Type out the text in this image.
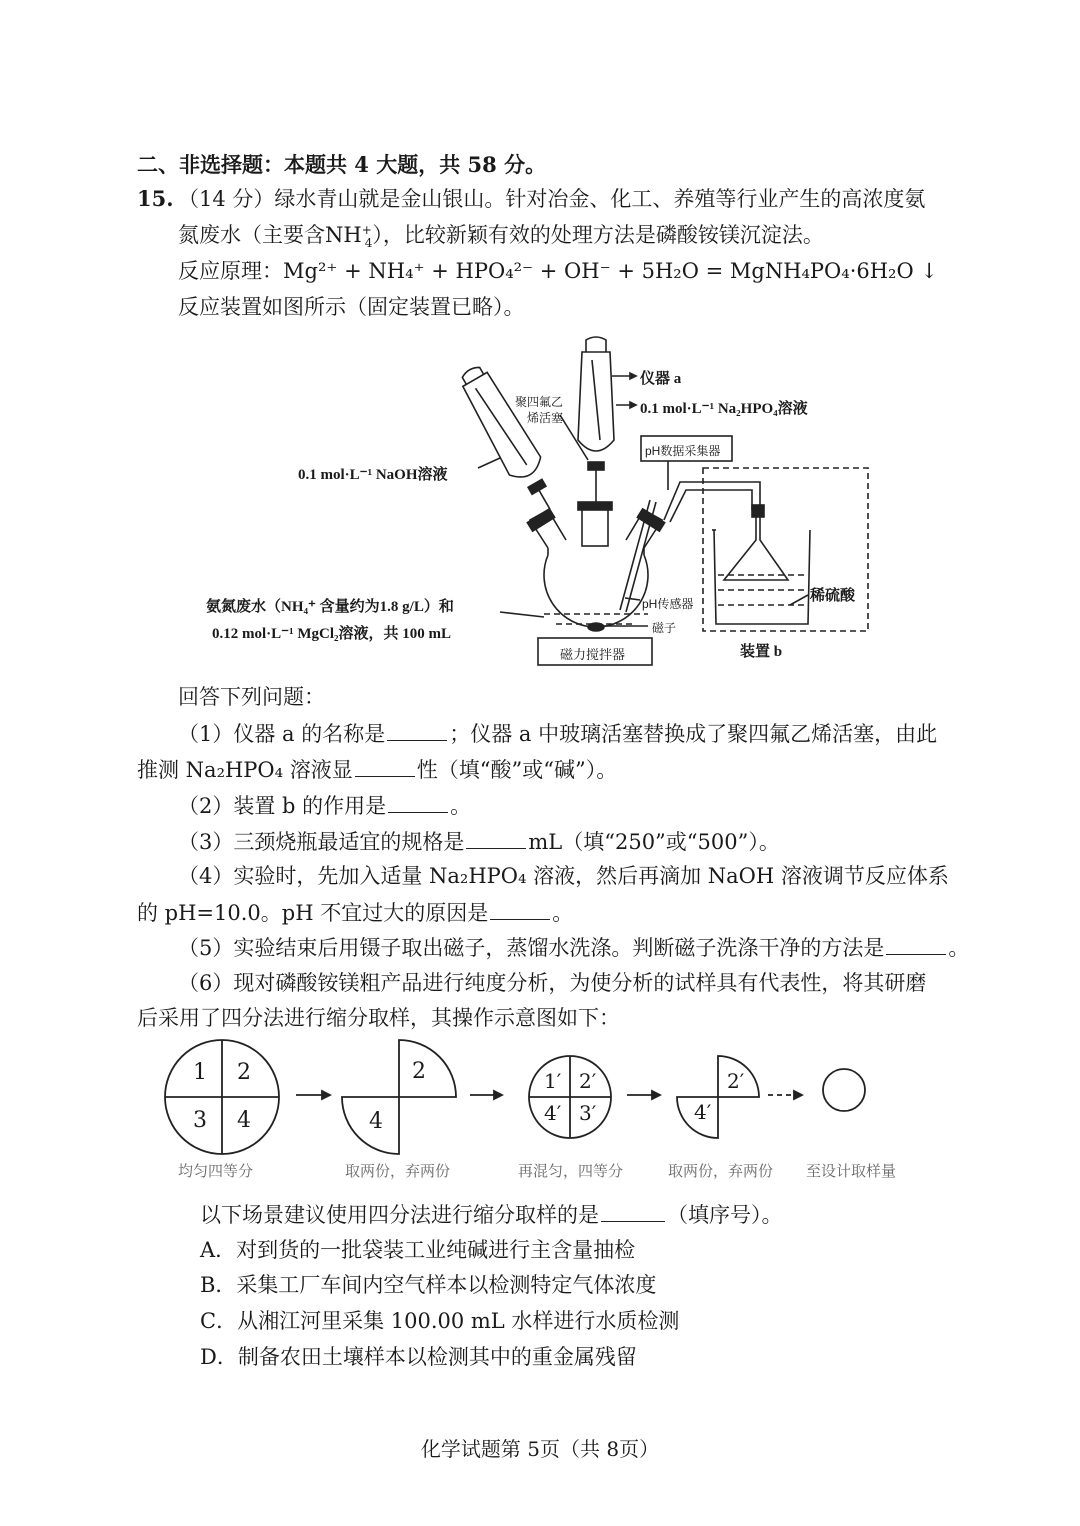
二、非选择题：本题共 4 大题，共 58 分。
15. （14 分）绿水青山就是金山银山。针对冶金、化工、养殖等行业产生的高浓度氨
氮废水（主要含$NH^+_4$），比较新颖有效的处理方法是磷酸铵镁沉淀法。
反应原理：Mg²⁺ + NH₄⁺ + HPO₄²⁻ + OH⁻ + 5H₂O = MgNH₄PO₄·6H₂O ↓
反应装置如图所示（固定装置已略）。
仪器 a
0.1 mol·L⁻¹ Na₂HPO₄溶液
聚四氟乙
烯活塞
0.1 mol·L⁻¹ NaOH溶液
pH数据采集器
氨氮废水（NH₄⁺ 含量约为1.8 g/L）和
0.12 mol·L⁻¹ MgCl₂溶液，共 100 mL
pH传感器
磁子
磁力搅拌器
稀硫酸
装置 b
回答下列问题：
（1）仪器 a 的名称是	；仪器 a 中玻璃活塞替换成了聚四氟乙烯活塞，由此
推测 Na₂HPO₄ 溶液显	性（填“酸”或“碱”）。
（2）装置 b 的作用是	。
（3）三颈烧瓶最适宜的规格是	mL（填“250”或“500”）。
（4）实验时，先加入适量 Na₂HPO₄ 溶液，然后再滴加 NaOH 溶液调节反应体系
的 pH=10.0。pH 不宜过大的原因是	。
（5）实验结束后用镊子取出磁子，蒸馏水洗涤。判断磁子洗涤干净的方法是	。
（6）现对磷酸铵镁粗产品进行纯度分析，为使分析的试样具有代表性，将其研磨
后采用了四分法进行缩分取样，其操作示意图如下：
1 2
3 4
2
4
1′ 2′
4′ 3′
2′
4′
均匀四等分	取两份，弃两份	再混匀，四等分	取两份，弃两份 至设计取样量
以下场景建议使用四分法进行缩分取样的是	（填序号）。
A．对到货的一批袋装工业纯碱进行主含量抽检
B．采集工厂车间内空气样本以检测特定气体浓度
C．从湘江河里采集 100.00 mL 水样进行水质检测
D．制备农田土壤样本以检测其中的重金属残留
化学试题第 5页（共 8页）
